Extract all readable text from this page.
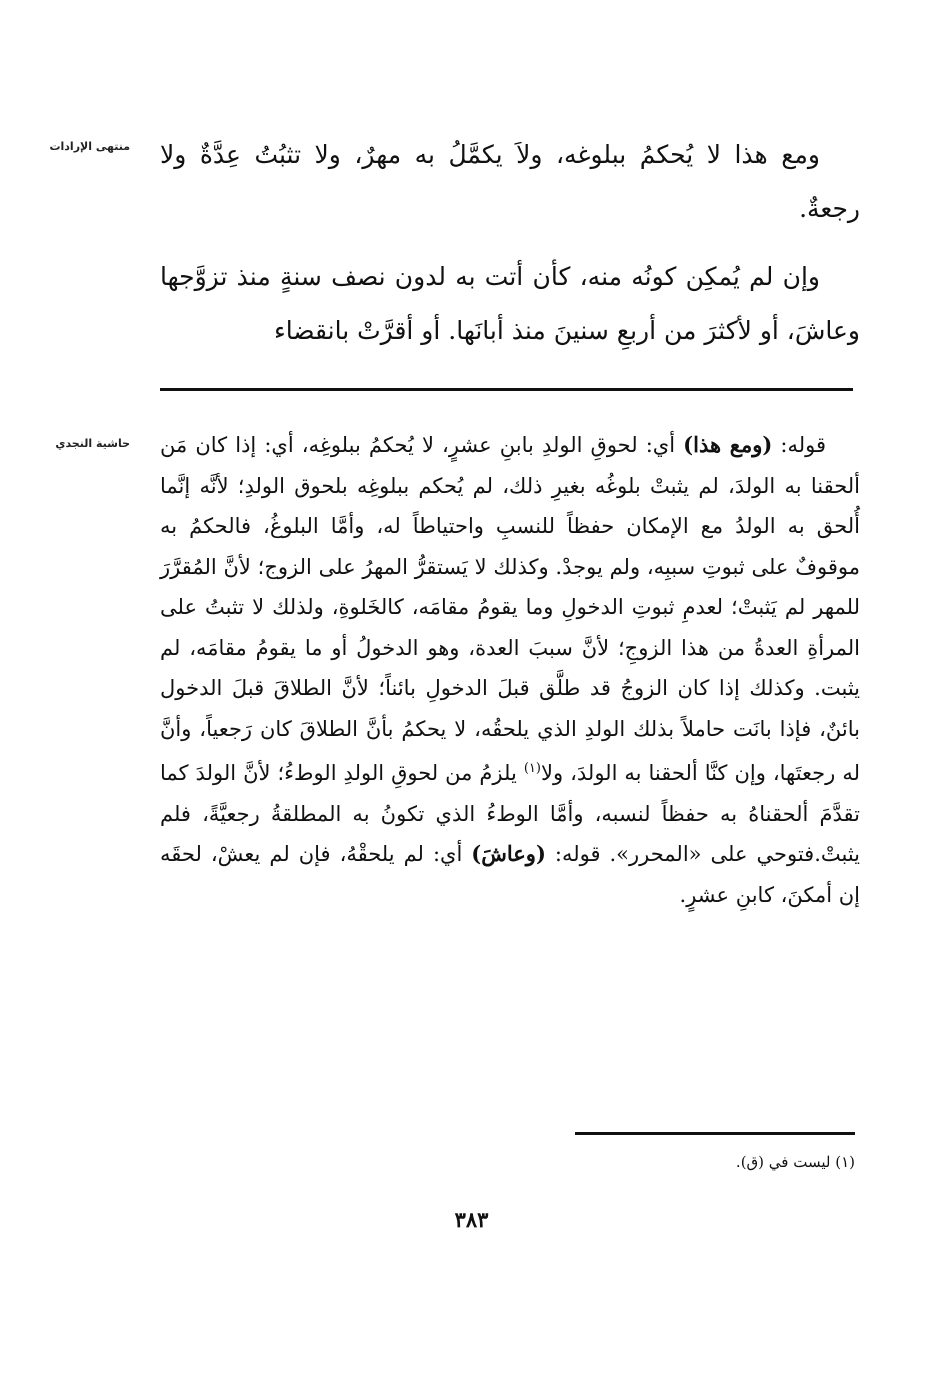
منتهى الإرادات ومع هذا لا يُحكمُ ببلوغه، ولاَ يكمَّلُ به مهرٌ، ولا تثبُتُ عِدَّةٌ ولا رجعةٌ.

وإن لم يُمكِن كونُه منه، كأن أتت به لدون نصف سنةٍ منذ تزوَّجها وعاشَ، أو لأكثرَ من أربعِ سنينَ منذ أبانَها. أو أقرَّتْ بانقضاء

حاشية النجدي	قوله: (ومع هذا) أي: لحوقِ الولدِ بابنِ عشرٍ، لا يُحكمُ ببلوغِه، أي: إذا كان مَن ألحقنا به الولدَ، لم يثبتْ بلوغُه بغيرِ ذلك، لم يُحكم ببلوغِه بلحوق الولدِ؛ لأنَّه إنَّما أُلحق به الولدُ مع الإمكان حفظاً للنسبِ واحتياطاً له، وأمَّا البلوغُ، فالحكمُ به موقوفٌ على ثبوتِ سببِه، ولم يوجدْ. وكذلك لا يَستقرُّ المهرُ على الزوج؛ لأنَّ المُقرَّرَ للمهر لم يَثبتْ؛ لعدمِ ثبوتِ الدخولِ وما يقومُ مقامَه، كالخَلوةِ، ولذلك لا تثبتُ على المرأةِ العدةُ من هذا الزوجِ؛ لأنَّ سببَ العدة، وهو الدخولُ أو ما يقومُ مقامَه، لم يثبت. وكذلك إذا كان الزوجُ قد طلَّق قبلَ الدخولِ بائناً؛ لأنَّ الطلاقَ قبلَ الدخول بائنٌ، فإذا بانَت حاملاً بذلك الولدِ الذي يلحقُه، لا يحكمُ بأنَّ الطلاقَ كان رَجعياً، وأنَّ له رجعتَها، وإن كنَّا ألحقنا به الولدَ، ولا$^{(١)}$ يلزمُ من لحوقِ الولدِ الوطءُ؛ لأنَّ الولدَ كما تقدَّمَ ألحقناهُ به حفظاً لنسبه، وأمَّا الوطءُ الذي تكونُ به المطلقةُ رجعيَّةً، فلم يثبتْ.فتوحي على «المحرر». قوله: (وعاشَ) أي: لم يلحقْهُ، فإن لم يعشْ، لحقَه إن أمكنَ، كابنِ عشرٍ.

(١) ليست في (ق).
٣٨٣
